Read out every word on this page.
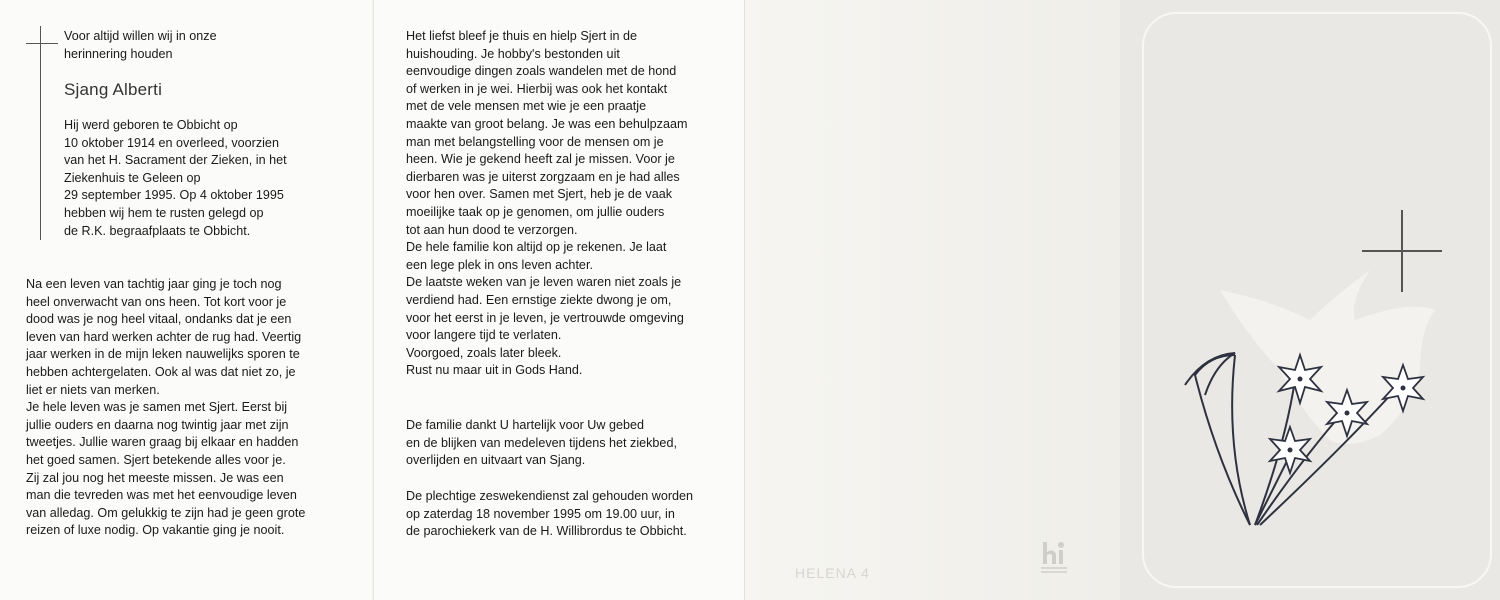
Voor altijd willen wij in onze
herinnering houden
Sjang Alberti
Hij werd geboren te Obbicht op
10 oktober 1914 en overleed, voorzien
van het H. Sacrament der Zieken, in het
Ziekenhuis te Geleen op
29 september 1995. Op 4 oktober 1995
hebben wij hem te rusten gelegd op
de R.K. begraafplaats te Obbicht.
Na een leven van tachtig jaar ging je toch nog
heel onverwacht van ons heen. Tot kort voor je
dood was je nog heel vitaal, ondanks dat je een
leven van hard werken achter de rug had. Veertig
jaar werken in de mijn leken nauwelijks sporen te
hebben achtergelaten. Ook al was dat niet zo, je
liet er niets van merken.
Je hele leven was je samen met Sjert. Eerst bij
jullie ouders en daarna nog twintig jaar met zijn
tweetjes. Jullie waren graag bij elkaar en hadden
het goed samen. Sjert betekende alles voor je.
Zij zal jou nog het meeste missen. Je was een
man die tevreden was met het eenvoudige leven
van alledag. Om gelukkig te zijn had je geen grote
reizen of luxe nodig. Op vakantie ging je nooit.
Het liefst bleef je thuis en hielp Sjert in de
huishouding. Je hobby's bestonden uit
eenvoudige dingen zoals wandelen met de hond
of werken in je wei. Hierbij was ook het kontakt
met de vele mensen met wie je een praatje
maakte van groot belang. Je was een behulpzaam
man met belangstelling voor de mensen om je
heen. Wie je gekend heeft zal je missen. Voor je
dierbaren was je uiterst zorgzaam en je had alles
voor hen over. Samen met Sjert, heb je de vaak
moeilijke taak op je genomen, om jullie ouders
tot aan hun dood te verzorgen.
De hele familie kon altijd op je rekenen. Je laat
een lege plek in ons leven achter.
De laatste weken van je leven waren niet zoals je
verdiend had. Een ernstige ziekte dwong je om,
voor het eerst in je leven, je vertrouwde omgeving
voor langere tijd te verlaten.
Voorgoed, zoals later bleek.
Rust nu maar uit in Gods Hand.
De familie dankt U hartelijk voor Uw gebed
en de blijken van medeleven tijdens het ziekbed,
overlijden en uitvaart van Sjang.
De plechtige zeswekendienst zal gehouden worden
op zaterdag 18 november 1995 om 19.00 uur, in
de parochiekerk van de H. Willibrordus te Obbicht.
HELENA 4
